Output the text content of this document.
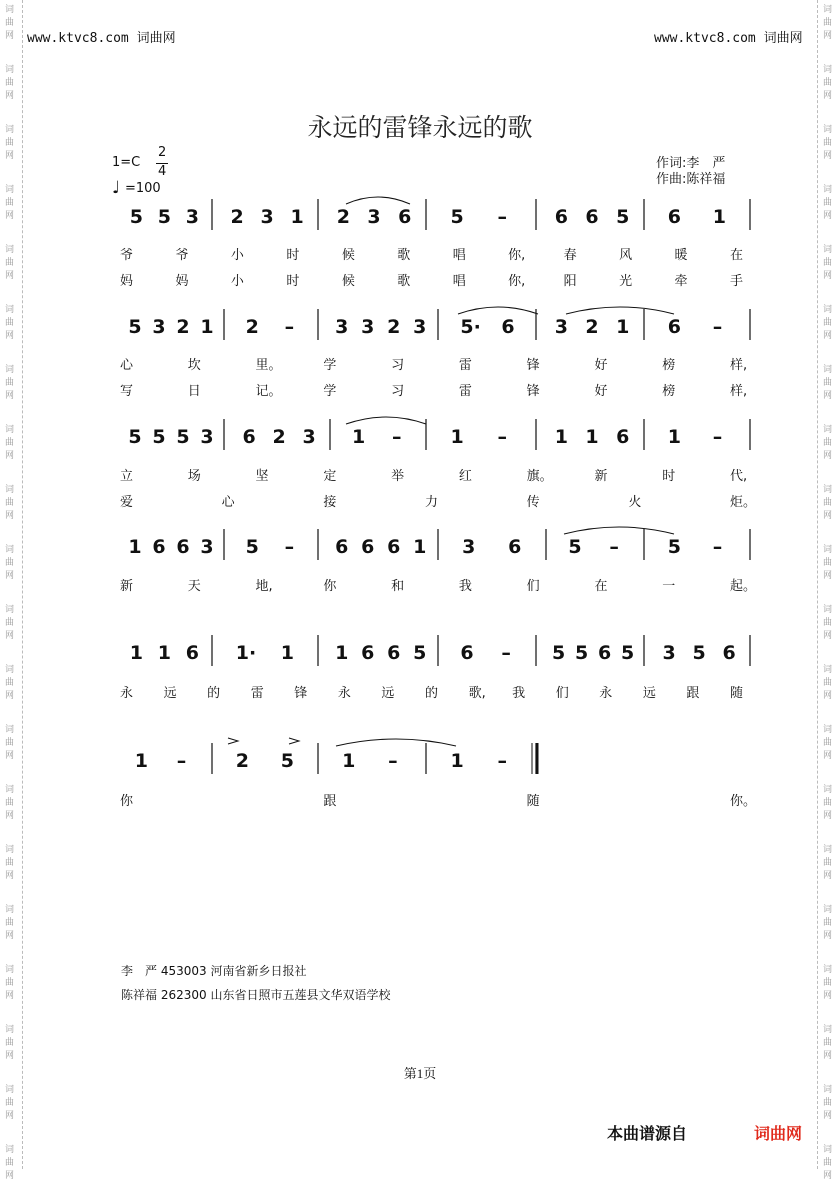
词
曲
网
词
曲
网
词
曲
网
词
曲
网
词
曲
网
词
曲
网
词
曲
网
词
曲
网
词
曲
网
词
曲
网
词
曲
网
词
曲
网
词
曲
网
词
曲
网
词
曲
网
词
曲
网
词
曲
网
词
曲
网
词
曲
网
词
曲
网
词
曲
网
词
曲
网
词
曲
网
词
曲
网
词
曲
网
词
曲
网
词
曲
网
词
曲
网
词
曲
网
词
曲
网
词
曲
网
词
曲
网
词
曲
网
词
曲
网
词
曲
网
词
曲
网
词
曲
网
词
曲
网
词
曲
网
词
曲
网
www.ktvc8.com 词曲网	www.ktvc8.com 词曲网
永远的雷锋永远的歌
1=C
2
4
♩ =100
作词:李　严
作曲:陈祥福
5 5 3 2 3 1 2 3 6 5 –	6 6 5 6 1
5 3 2 1 2 – 3 3 2 3 5· 6 3 2 1 6 –
5 5 5 3 6 2 3 1 –	1 –	1 1 6 1 –
1 6 6 3 5 – 6 6 6 1 3 6 5 –	5 –
1 1 6 1· 1 1 6 6 5 6 – 5 5 6 5 3 5 6
1 –	2 5	1 –	1 –
爷	爷	小	时	候	歌	唱	你,	春	风	暖	在
妈	妈	小	时	候	歌	唱	你,	阳	光	牵	手
心	坎	里。	学	习	雷	锋	好	榜	样,
写	日	记。	学	习	雷	锋	好	榜	样,
立	场	坚	定	举	红	旗。	新	时	代,
爱	心	接	力	传	火	炬。
新	天	地,	你	和	我	们	在	一	起。
永 远 的 雷 锋 永 远 的 歌, 我 们 永 远 跟 随
你	跟	随	你。
李　严 453003 河南省新乡日报社
陈祥福 262300 山东省日照市五莲县文华双语学校
第1页
本曲谱源自	词曲网
